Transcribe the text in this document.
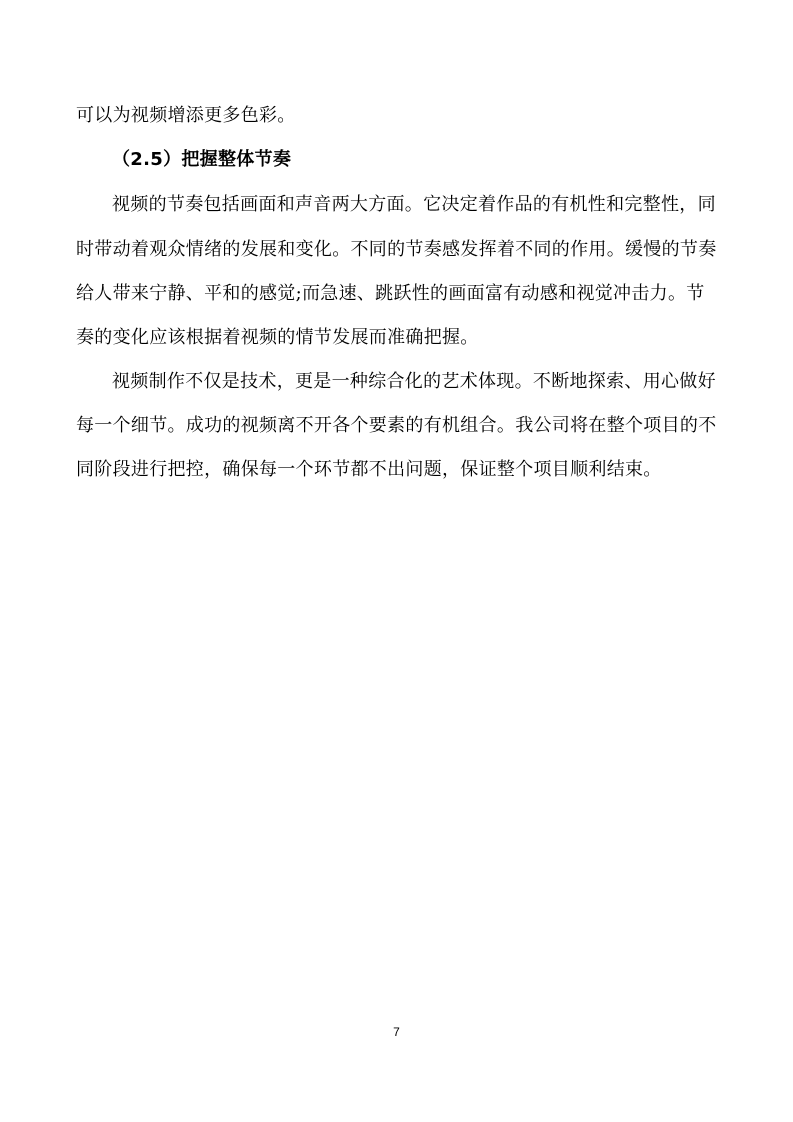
可以为视频增添更多色彩。
（2.5）把握整体节奏
视频的节奏包括画面和声音两大方面。它决定着作品的有机性和完整性，同
时带动着观众情绪的发展和变化。不同的节奏感发挥着不同的作用。缓慢的节奏
给人带来宁静、平和的感觉;而急速、跳跃性的画面富有动感和视觉冲击力。节
奏的变化应该根据着视频的情节发展而准确把握。
视频制作不仅是技术，更是一种综合化的艺术体现。不断地探索、用心做好
每一个细节。成功的视频离不开各个要素的有机组合。我公司将在整个项目的不
同阶段进行把控，确保每一个环节都不出问题，保证整个项目顺利结束。
7
